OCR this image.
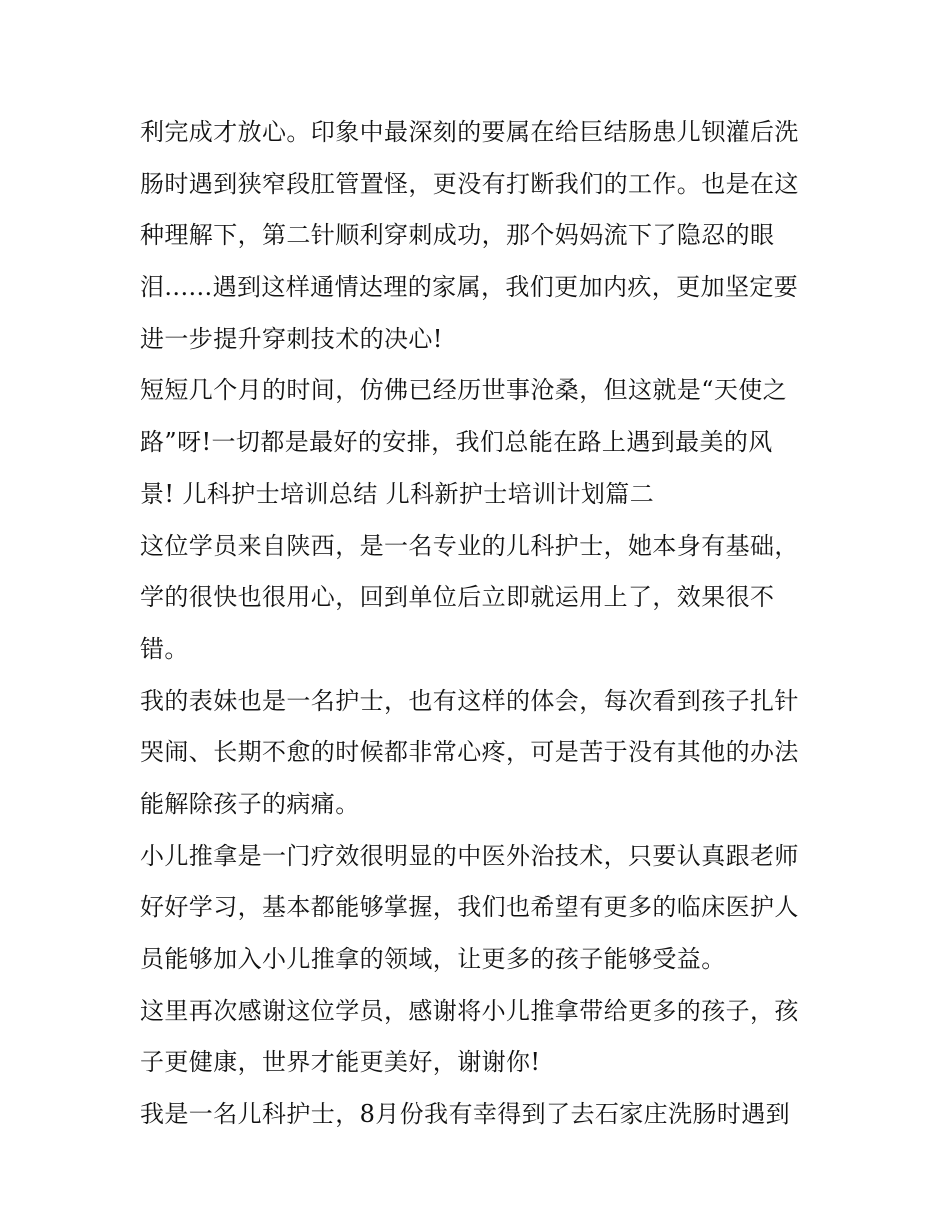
利完成才放心。印象中最深刻的要属在给巨结肠患儿钡灌后洗

肠时遇到狭窄段肛管置怪，更没有打断我们的工作。也是在这

种理解下，第二针顺利穿刺成功，那个妈妈流下了隐忍的眼

泪......遇到这样通情达理的家属，我们更加内疚，更加坚定要

进一步提升穿刺技术的决心!

短短几个月的时间，仿佛已经历世事沧桑，但这就是“天使之

路”呀!一切都是最好的安排，我们总能在路上遇到最美的风

景! 儿科护士培训总结 儿科新护士培训计划篇二

这位学员来自陕西，是一名专业的儿科护士，她本身有基础，

学的很快也很用心，回到单位后立即就运用上了，效果很不

错。

我的表妹也是一名护士，也有这样的体会，每次看到孩子扎针

哭闹、长期不愈的时候都非常心疼，可是苦于没有其他的办法

能解除孩子的病痛。

小儿推拿是一门疗效很明显的中医外治技术，只要认真跟老师

好好学习，基本都能够掌握，我们也希望有更多的临床医护人

员能够加入小儿推拿的领域，让更多的孩子能够受益。

这里再次感谢这位学员，感谢将小儿推拿带给更多的孩子，孩

子更健康，世界才能更美好，谢谢你!

我是一名儿科护士，8月份我有幸得到了去石家庄洗肠时遇到
